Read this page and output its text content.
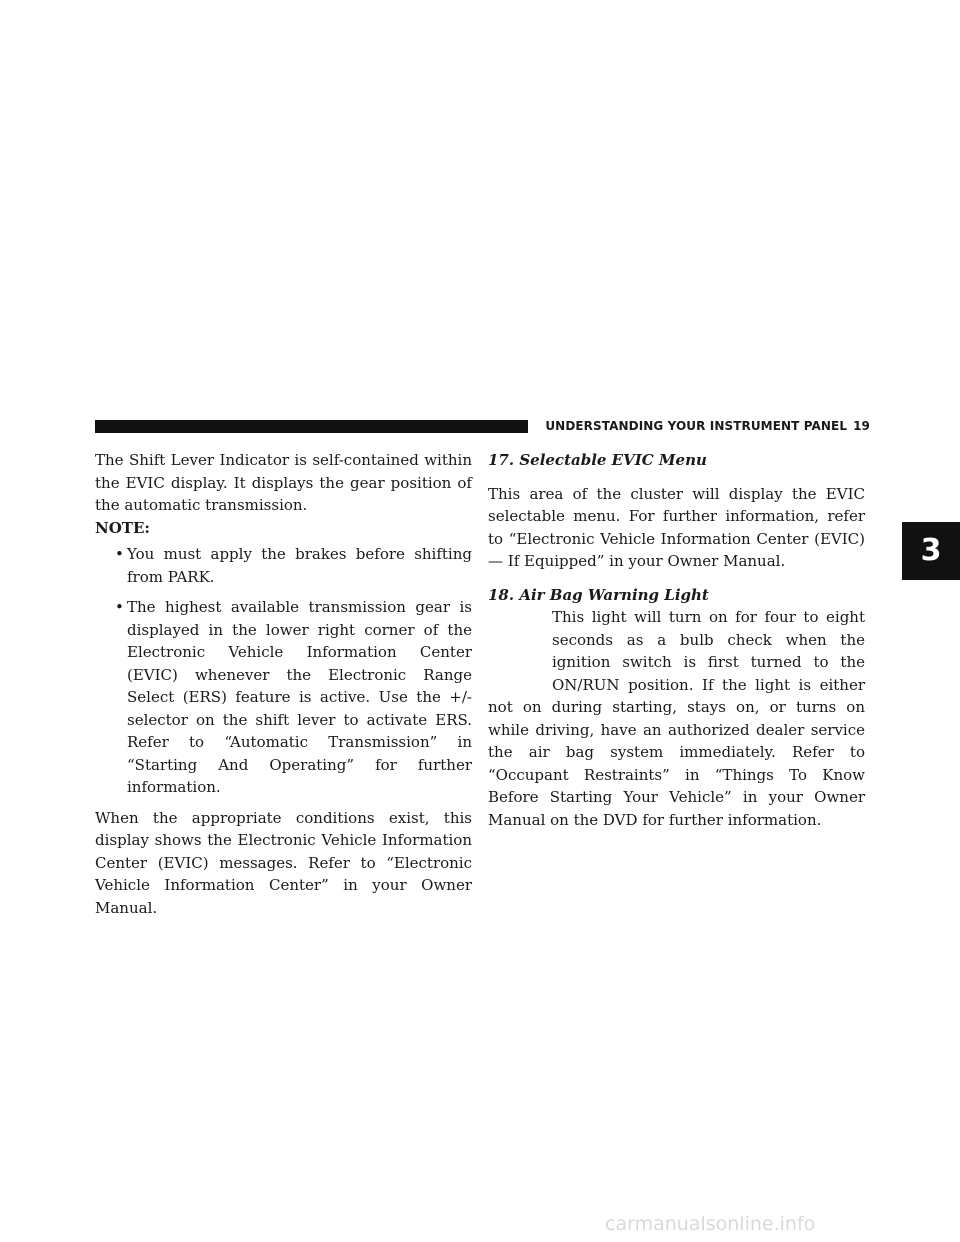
UNDERSTANDING YOUR INSTRUMENT PANEL 19

The Shift Lever Indicator is self-contained within the EVIC display. It displays the gear position of the automatic transmission.

NOTE:

• You must apply the brakes before shifting from PARK.
• The highest available transmission gear is displayed in the lower right corner of the Electronic Vehicle Information Center (EVIC) whenever the Electronic Range Select (ERS) feature is active. Use the +/- selector on the shift lever to activate ERS. Refer to “Automatic Transmission” in “Starting And Operating” for further information.

When the appropriate conditions exist, this display shows the Electronic Vehicle Information Center (EVIC) messages. Refer to “Electronic Vehicle Information Center” in your Owner Manual.

17. Selectable EVIC Menu

This area of the cluster will display the EVIC selectable menu. For further information, refer to “Electronic Vehicle Information Center (EVIC) — If Equipped” in your Owner Manual.

18. Air Bag Warning Light

This light will turn on for four to eight seconds as a bulb check when the ignition switch is first turned to the ON/RUN position. If the light is either not on during starting, stays on, or turns on while driving, have an authorized dealer service the air bag system immediately. Refer to “Occupant Restraints” in “Things To Know Before Starting Your Vehicle” in your Owner Manual on the DVD for further information.

3
carmanualsonline.info
